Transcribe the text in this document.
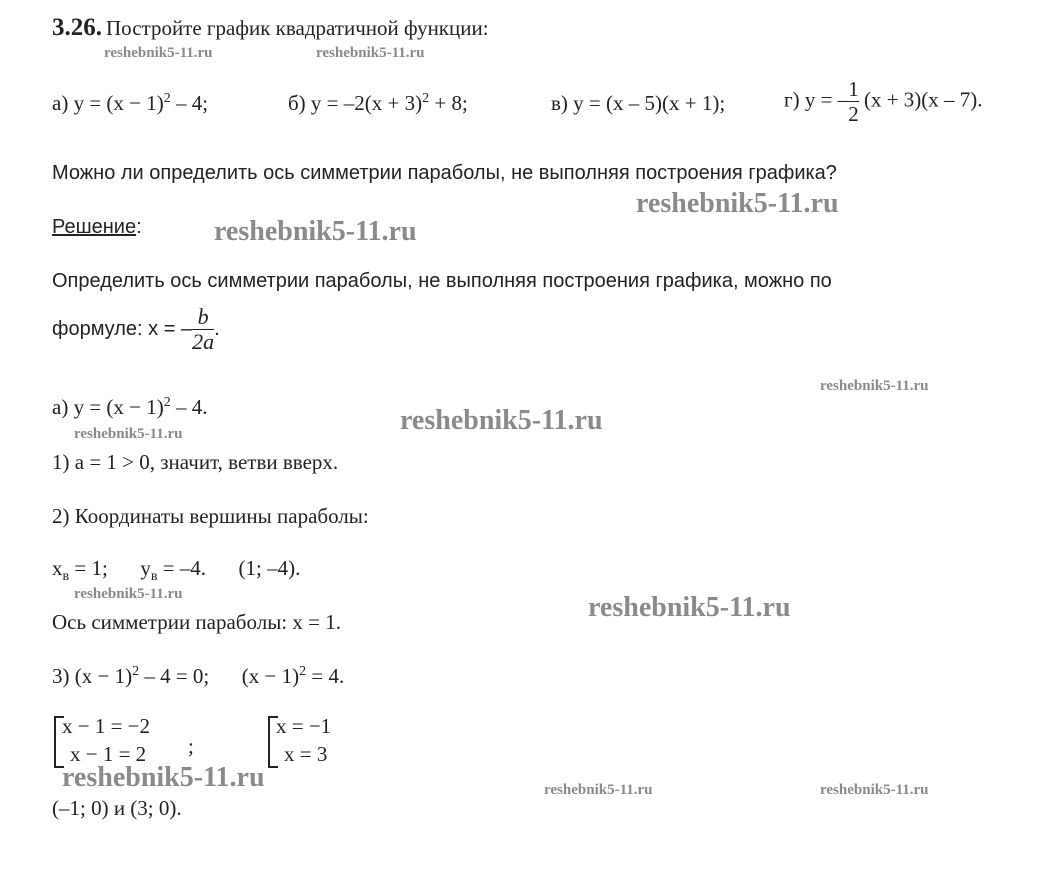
3.26. Постройте график квадратичной функции:
reshebnik5-11.ru	reshebnik5-11.ru
а) $y = (x - 1)^2 - 4$;	б) $y = -2(x + 3)^2 + 8$;	в) y = (x – 5)(x + 1);	г) y = – $\frac{1}{2} (x + 3)(x - 7)$.
Можно ли определить ось симметрии параболы, не выполняя построения графика?
reshebnik5-11.ru
Решение:	reshebnik5-11.ru
Определить ось симметрии параболы, не выполняя построения графика, можно по
формуле: x = – $\frac{b}{2a}$ .
reshebnik5-11.ru
а) $y = (x - 1)^2 - 4$.	reshebnik5-11.ru
reshebnik5-11.ru
1) a = 1 > 0, значит, ветви вверх.
2) Координаты вершины параболы:
$x_в = 1$; $y_в = -4$. (1; –4).
reshebnik5-11.ru	reshebnik5-11.ru
Ось симметрии параболы: x = 1.
3) $(x - 1)^2 - 4 = 0$; $(x - 1)^2 = 4$.
x − 1 = −2
x − 1 = 2 ;
x = −1
x = 3
reshebnik5-11.ru	reshebnik5-11.ru	reshebnik5-11.ru
(–1; 0) и (3; 0).
